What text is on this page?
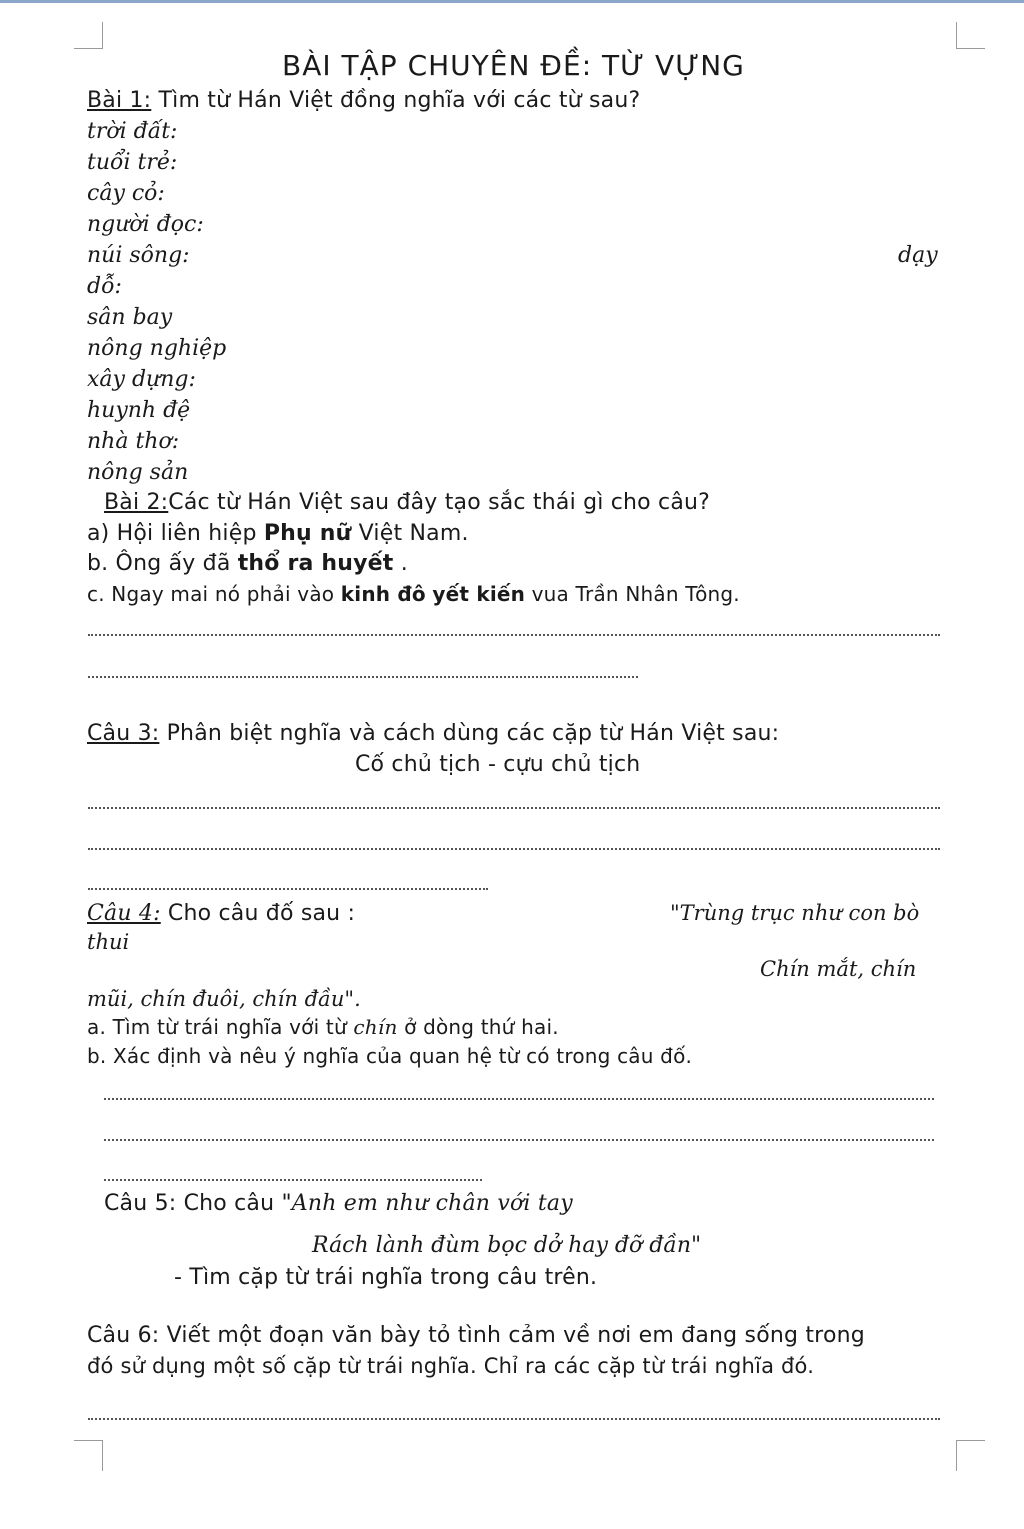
BÀI TẬP CHUYÊN ĐỀ: TỪ VỰNG
Bài 1: Tìm từ Hán Việt đồng nghĩa với các từ sau?
trời đất:
tuổi trẻ:
cây cỏ:
người đọc:
núi sông:	dạy
dỗ:
sân bay
nông nghiệp
xây dựng:
huynh đệ
nhà thơ:
nông sản
Bài 2:Các từ Hán Việt sau đây tạo sắc thái gì cho câu?
a) Hội liên hiệp Phụ nữ Việt Nam.
b. Ông ấy đã thổ ra huyết .
c. Ngay mai nó phải vào kinh đô yết kiến vua Trần Nhân Tông.
Câu 3: Phân biệt nghĩa và cách dùng các cặp từ Hán Việt sau:
Cố chủ tịch - cựu chủ tịch
Câu 4: Cho câu đố sau :	"Trùng trục như con bò
thui
Chín mắt, chín
mũi, chín đuôi, chín đầu".
a. Tìm từ trái nghĩa với từ chín ở dòng thứ hai.
b. Xác định và nêu ý nghĩa của quan hệ từ có trong câu đố.
Câu 5: Cho câu "Anh em như chân với tay
Rách lành đùm bọc dở hay đỡ đần"
- Tìm cặp từ trái nghĩa trong câu trên.
Câu 6: Viết một đoạn văn bày tỏ tình cảm về nơi em đang sống trong
đó sử dụng một số cặp từ trái nghĩa. Chỉ ra các cặp từ trái nghĩa đó.
